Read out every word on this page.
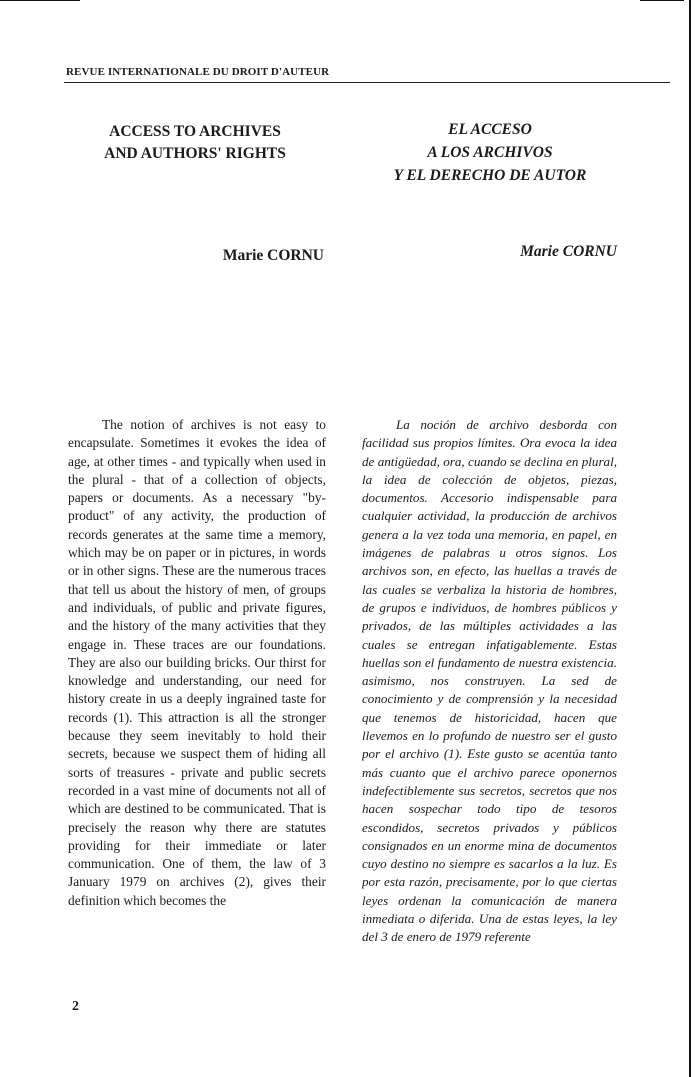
REVUE INTERNATIONALE DU DROIT D'AUTEUR
ACCESS TO ARCHIVES
AND AUTHORS' RIGHTS
EL ACCESO
A LOS ARCHIVOS
Y EL DERECHO DE AUTOR
Marie CORNU	Marie CORNU

The notion of archives is not easy to encapsulate. Sometimes it evokes the idea of age, at other times - and typically when used in the plural - that of a collection of objects, papers or documents. As a necessary "by-product" of any activity, the production of records generates at the same time a memory, which may be on paper or in pictures, in words or in other signs. These are the numerous traces that tell us about the history of men, of groups and individuals, of public and private figures, and the history of the many activities that they engage in. These traces are our foundations. They are also our building bricks. Our thirst for knowledge and understanding, our need for history create in us a deeply ingrained taste for records (1). This attraction is all the stronger because they seem inevitably to hold their secrets, because we suspect them of hiding all sorts of treasures - private and public secrets recorded in a vast mine of documents not all of which are destined to be communicated. That is precisely the reason why there are statutes providing for their immediate or later communication. One of them, the law of 3 January 1979 on archives (2), gives their definition which becomes the

La noción de archivo desborda con facilidad sus propios límites. Ora evoca la idea de antigüedad, ora, cuando se declina en plural, la idea de colección de objetos, piezas, documentos. Accesorio indispensable para cualquier actividad, la producción de archivos genera a la vez toda una memoria, en papel, en imágenes de palabras u otros signos. Los archivos son, en efecto, las huellas a través de las cuales se verbaliza la historia de hombres, de grupos e individuos, de hombres públicos y privados, de las múltiples actividades a las cuales se entregan infatigablemente. Estas huellas son el fundamento de nuestra existencia. asimismo, nos construyen. La sed de conocimiento y de comprensión y la necesidad que tenemos de historicidad, hacen que llevemos en lo profundo de nuestro ser el gusto por el archivo (1). Este gusto se acentúa tanto más cuanto que el archivo parece oponernos indefectiblemente sus secretos, secretos que nos hacen sospechar todo tipo de tesoros escondidos, secretos privados y públicos consignados en un enorme mina de documentos cuyo destino no siempre es sacarlos a la luz. Es por esta razón, precisamente, por lo que ciertas leyes ordenan la comunicación de manera inmediata o diferida. Una de estas leyes, la ley del 3 de enero de 1979 referente

2
